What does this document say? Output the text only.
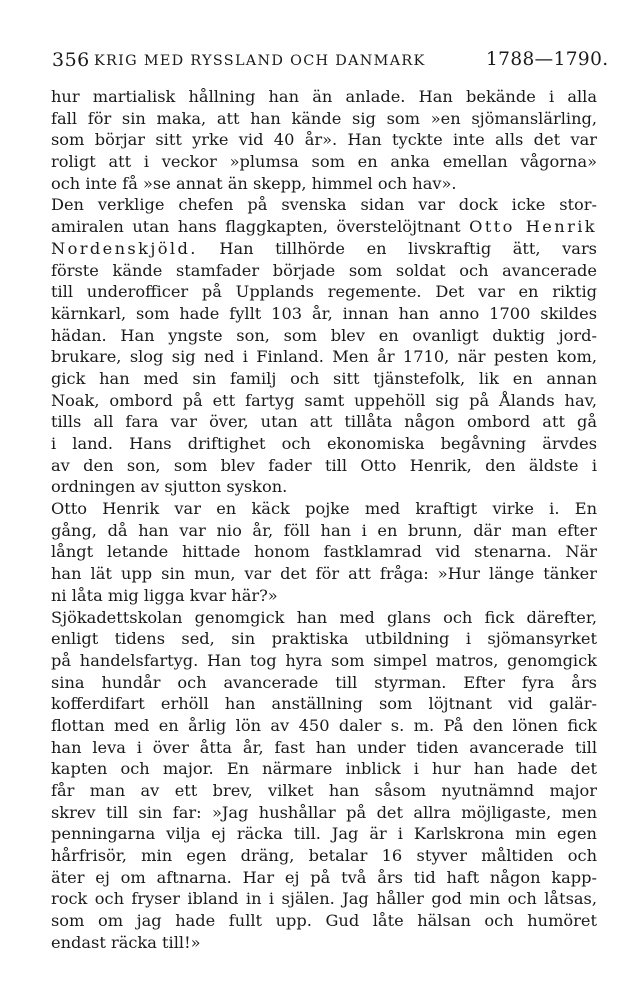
356 KRIG MED RYSSLAND OCH DANMARK	1788—1790.
hur martialisk hållning han än anlade. Han bekände i alla
fall för sin maka, att han kände sig som »en sjömanslärling,
som börjar sitt yrke vid 40 år». Han tyckte inte alls det var
roligt att i veckor »plumsa som en anka emellan vågorna»
och inte få »se annat än skepp, himmel och hav».
Den verklige chefen på svenska sidan var dock icke stor-
amiralen utan hans flaggkapten, överstelöjtnant Otto Henrik
Nordenskjöld. Han tillhörde en livskraftig ätt, vars
förste kände stamfader började som soldat och avancerade
till underofficer på Upplands regemente. Det var en riktig
kärnkarl, som hade fyllt 103 år, innan han anno 1700 skildes
hädan. Han yngste son, som blev en ovanligt duktig jord-
brukare, slog sig ned i Finland. Men år 1710, när pesten kom,
gick han med sin familj och sitt tjänstefolk, lik en annan
Noak, ombord på ett fartyg samt uppehöll sig på Ålands hav,
tills all fara var över, utan att tillåta någon ombord att gå
i land. Hans driftighet och ekonomiska begåvning ärvdes
av den son, som blev fader till Otto Henrik, den äldste i
ordningen av sjutton syskon.
Otto Henrik var en käck pojke med kraftigt virke i. En
gång, då han var nio år, föll han i en brunn, där man efter
långt letande hittade honom fastklamrad vid stenarna. När
han lät upp sin mun, var det för att fråga: »Hur länge tänker
ni låta mig ligga kvar här?»
Sjökadettskolan genomgick han med glans och fick därefter,
enligt tidens sed, sin praktiska utbildning i sjömansyrket
på handelsfartyg. Han tog hyra som simpel matros, genomgick
sina hundår och avancerade till styrman. Efter fyra års
kofferdifart erhöll han anställning som löjtnant vid galär-
flottan med en årlig lön av 450 daler s. m. På den lönen fick
han leva i över åtta år, fast han under tiden avancerade till
kapten och major. En närmare inblick i hur han hade det
får man av ett brev, vilket han såsom nyutnämnd major
skrev till sin far: »Jag hushållar på det allra möjligaste, men
penningarna vilja ej räcka till. Jag är i Karlskrona min egen
hårfrisör, min egen dräng, betalar 16 styver måltiden och
äter ej om aftnarna. Har ej på två års tid haft någon kapp-
rock och fryser ibland in i själen. Jag håller god min och låtsas,
som om jag hade fullt upp. Gud låte hälsan och humöret
endast räcka till!»
